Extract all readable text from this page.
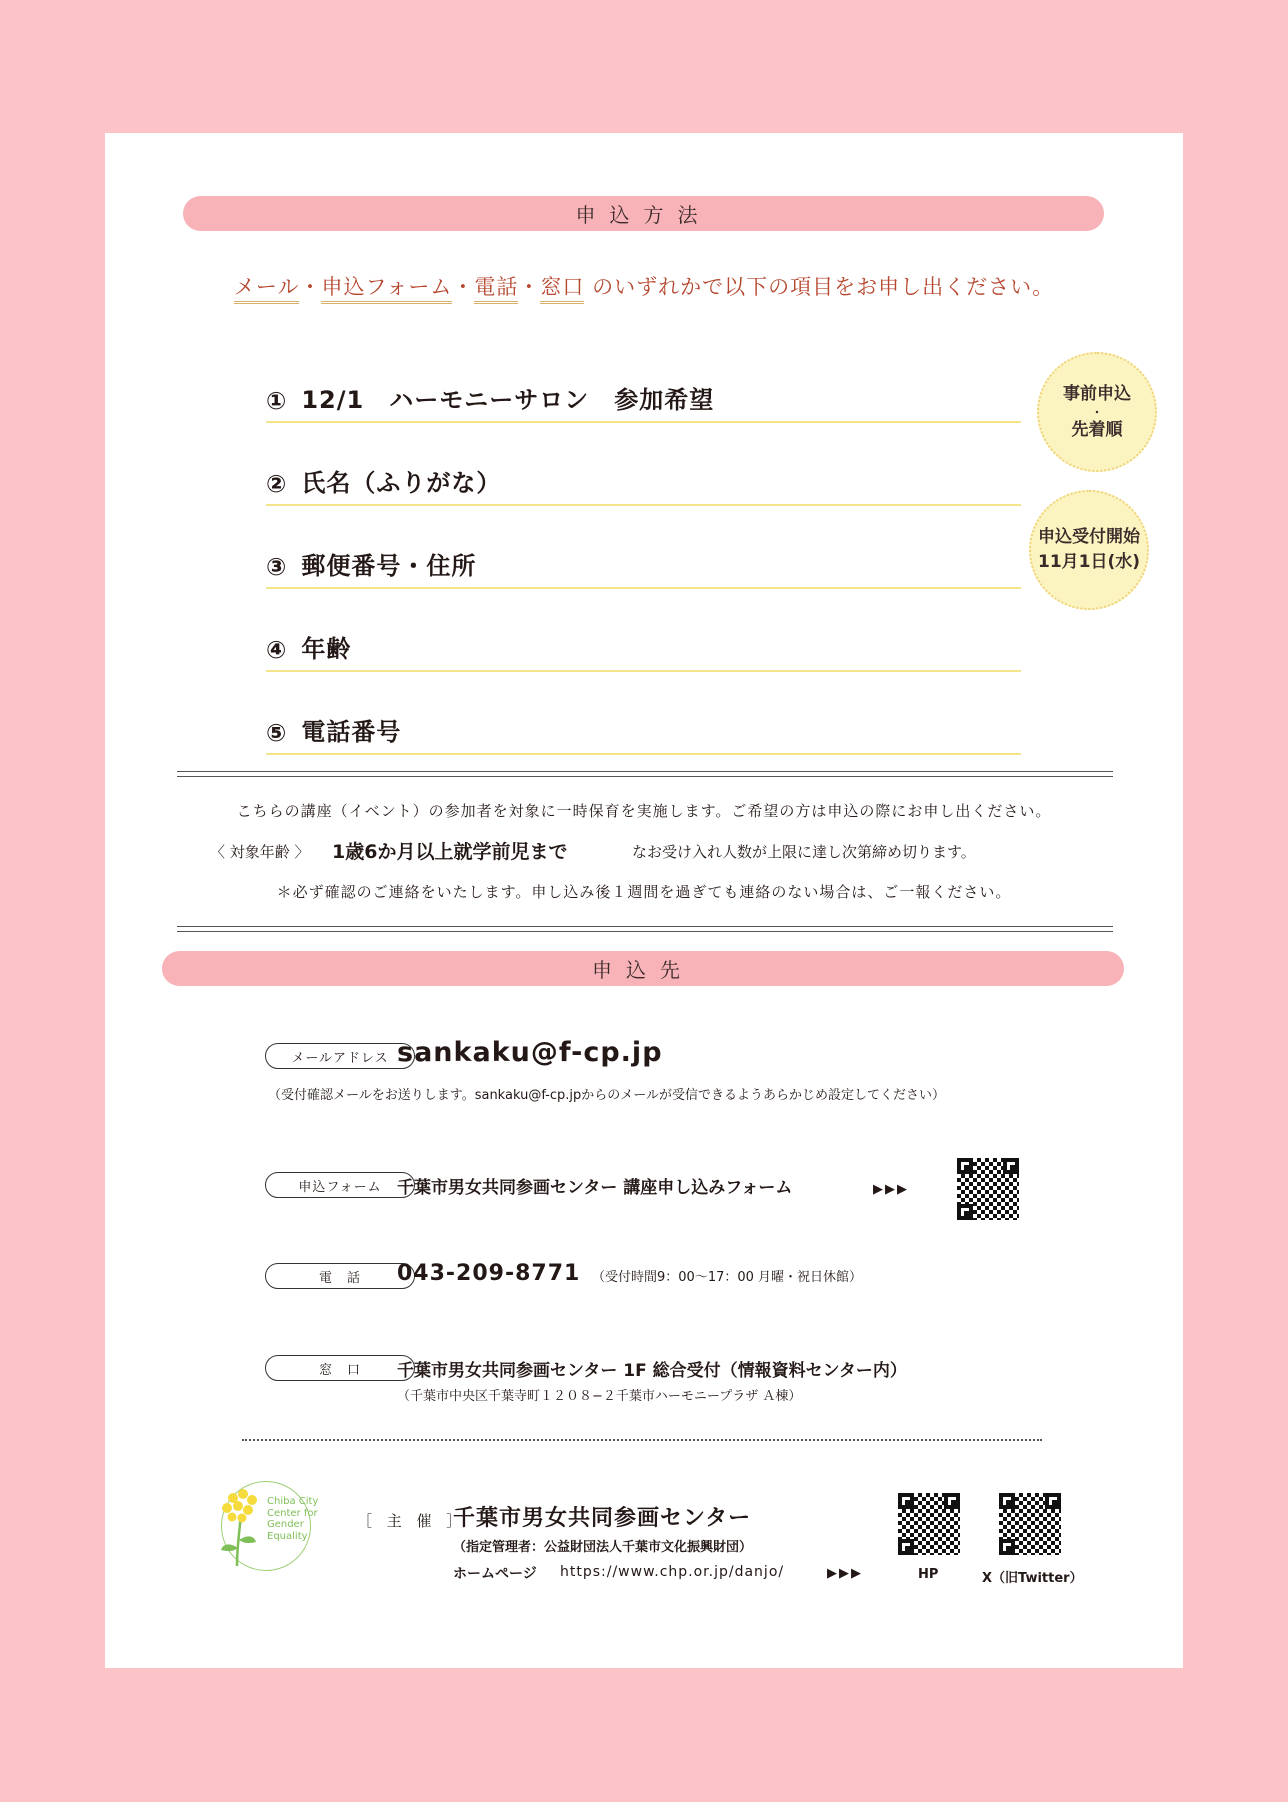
申込方法
メール・申込フォーム・電話・窓口 のいずれかで以下の項目をお申し出ください。
① 12/1　ハーモニーサロン　参加希望
② 氏名（ふりがな）
③ 郵便番号・住所
④ 年齢
⑤ 電話番号
事前申込
・
先着順
申込受付開始
11月1日(水)
こちらの講座（イベント）の参加者を対象に一時保育を実施します。ご希望の方は申込の際にお申し出ください。
〈 対象年齢 〉 1歳6か月以上就学前児まで	なお受け入れ人数が上限に達し次第締め切ります。
＊必ず確認のご連絡をいたします。申し込み後１週間を過ぎても連絡のない場合は、ご一報ください。
申込先
メールアドレス sankaku@f-cp.jp
（受付確認メールをお送りします。sankaku@f-cp.jpからのメールが受信できるようあらかじめ設定してください）
申込フォーム 千葉市男女共同参画センター 講座申し込みフォーム	▶▶▶
電　話	043-209-8771 （受付時間9：00〜17：00 月曜・祝日休館）
窓　口	千葉市男女共同参画センター 1F 総合受付（情報資料センター内）
（千葉市中央区千葉寺町１２０８−２千葉市ハーモニープラザ Ａ棟）
Chiba City
Center for
Gender
Equality
［ 主 催 ］
千葉市男女共同参画センター
（指定管理者：公益財団法人千葉市文化振興財団）
ホームページ https://www.chp.or.jp/danjo/	▶▶▶	HP	X（旧Twitter）
